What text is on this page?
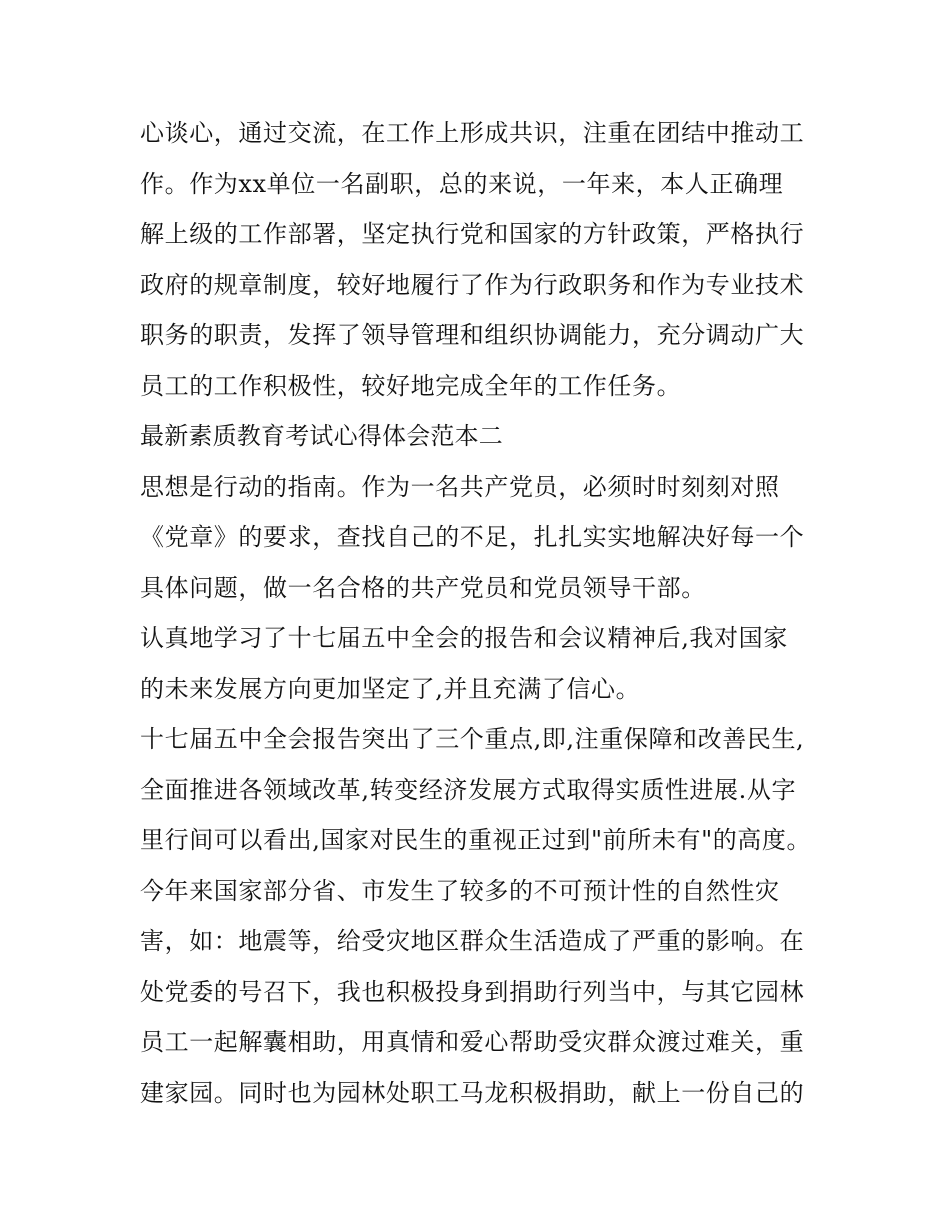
心谈心，通过交流，在工作上形成共识，注重在团结中推动工
作。作为xx单位一名副职，总的来说，一年来，本人正确理
解上级的工作部署，坚定执行党和国家的方针政策，严格执行
政府的规章制度，较好地履行了作为行政职务和作为专业技术
职务的职责，发挥了领导管理和组织协调能力，充分调动广大
员工的工作积极性，较好地完成全年的工作任务。
最新素质教育考试心得体会范本二
思想是行动的指南。作为一名共产党员，必须时时刻刻对照
《党章》的要求，查找自己的不足，扎扎实实地解决好每一个
具体问题，做一名合格的共产党员和党员领导干部。
认真地学习了十七届五中全会的报告和会议精神后,我对国家
的未来发展方向更加坚定了,并且充满了信心。
十七届五中全会报告突出了三个重点,即,注重保障和改善民生,
全面推进各领域改革,转变经济发展方式取得实质性进展.从字
里行间可以看出,国家对民生的重视正过到"前所未有"的高度。
今年来国家部分省、市发生了较多的不可预计性的自然性灾
害，如：地震等，给受灾地区群众生活造成了严重的影响。在
处党委的号召下，我也积极投身到捐助行列当中，与其它园林
员工一起解囊相助，用真情和爱心帮助受灾群众渡过难关，重
建家园。同时也为园林处职工马龙积极捐助，献上一份自己的
